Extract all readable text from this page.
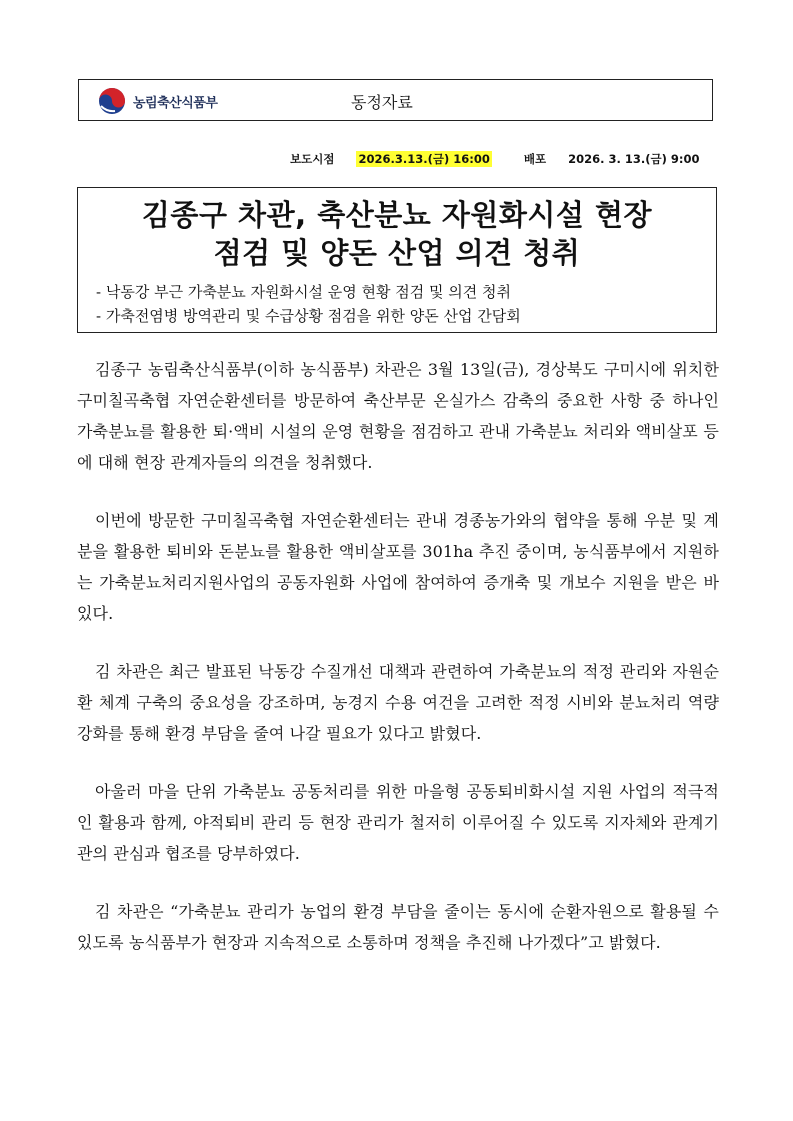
농림축산식품부	동정자료
보도시점 2026.3.13.(금) 16:00	배포 2026. 3. 13.(금) 9:00
김종구 차관, 축산분뇨 자원화시설 현장
점검 및 양돈 산업 의견 청취
- 낙동강 부근 가축분뇨 자원화시설 운영 현황 점검 및 의견 청취
- 가축전염병 방역관리 및 수급상황 점검을 위한 양돈 산업 간담회

김종구 농림축산식품부(이하 농식품부) 차관은 3월 13일(금), 경상북도 구미시에 위치한 구미칠곡축협 자연순환센터를 방문하여 축산부문 온실가스 감축의 중요한 사항 중 하나인 가축분뇨를 활용한 퇴·액비 시설의 운영 현황을 점검하고 관내 가축분뇨 처리와 액비살포 등에 대해 현장 관계자들의 의견을 청취했다.

이번에 방문한 구미칠곡축협 자연순환센터는 관내 경종농가와의 협약을 통해 우분 및 계분을 활용한 퇴비와 돈분뇨를 활용한 액비살포를 301ha 추진 중이며, 농식품부에서 지원하는 가축분뇨처리지원사업의 공동자원화 사업에 참여하여 증개축 및 개보수 지원을 받은 바 있다.

김 차관은 최근 발표된 낙동강 수질개선 대책과 관련하여 가축분뇨의 적정 관리와 자원순환 체계 구축의 중요성을 강조하며, 농경지 수용 여건을 고려한 적정 시비와 분뇨처리 역량 강화를 통해 환경 부담을 줄여 나갈 필요가 있다고 밝혔다.

아울러 마을 단위 가축분뇨 공동처리를 위한 마을형 공동퇴비화시설 지원 사업의 적극적인 활용과 함께, 야적퇴비 관리 등 현장 관리가 철저히 이루어질 수 있도록 지자체와 관계기관의 관심과 협조를 당부하였다.

김 차관은 “가축분뇨 관리가 농업의 환경 부담을 줄이는 동시에 순환자원으로 활용될 수 있도록 농식품부가 현장과 지속적으로 소통하며 정책을 추진해 나가겠다”고 밝혔다.
